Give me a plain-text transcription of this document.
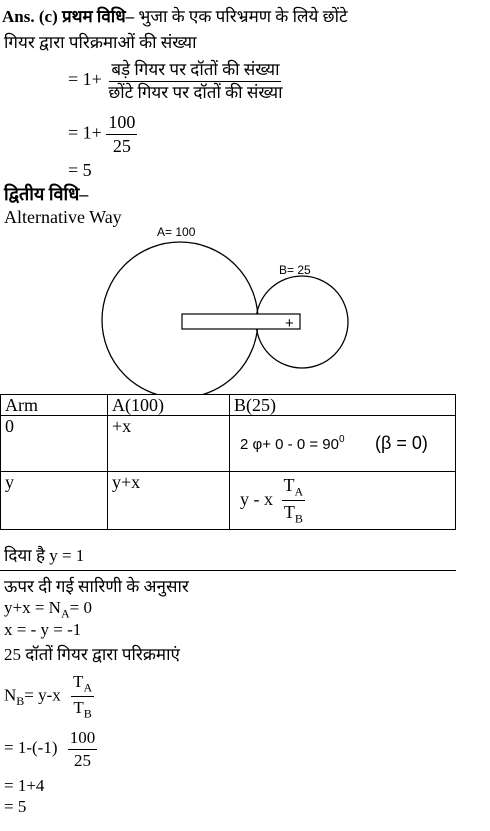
Ans. (c) प्रथम विधि– भुजा के एक परिभ्रमण के लिये छोंटे
गियर द्वारा परिक्रमाओं की संख्या
= $1+ \frac{\text{बड़े गियर पर दॉतों की संख्या}}{\text{छोंटे गियर पर दॉतों की संख्या}}$
= $1+ \frac{100}{25}$
= 5
द्वितीय विधि–
Alternative Way
A= 100
B= 25
+
Arm	A(100)	B(25)
0	+x	2 $\varphi+ 0 - 0 = 90^0$ (β = 0)
y	y+x	y - x $\frac{T_A}{T_B}$
दिया है y = 1
ऊपर दी गई सारिणी के अनुसार
$y+x = N_A= 0$
x = - y = -1
25 दॉतों गियर द्वारा परिक्रमाएं
$N_B= y-x \frac{T_A}{T_B}$
= $1-(-1) \frac{100}{25}$
= 1+4
= 5
